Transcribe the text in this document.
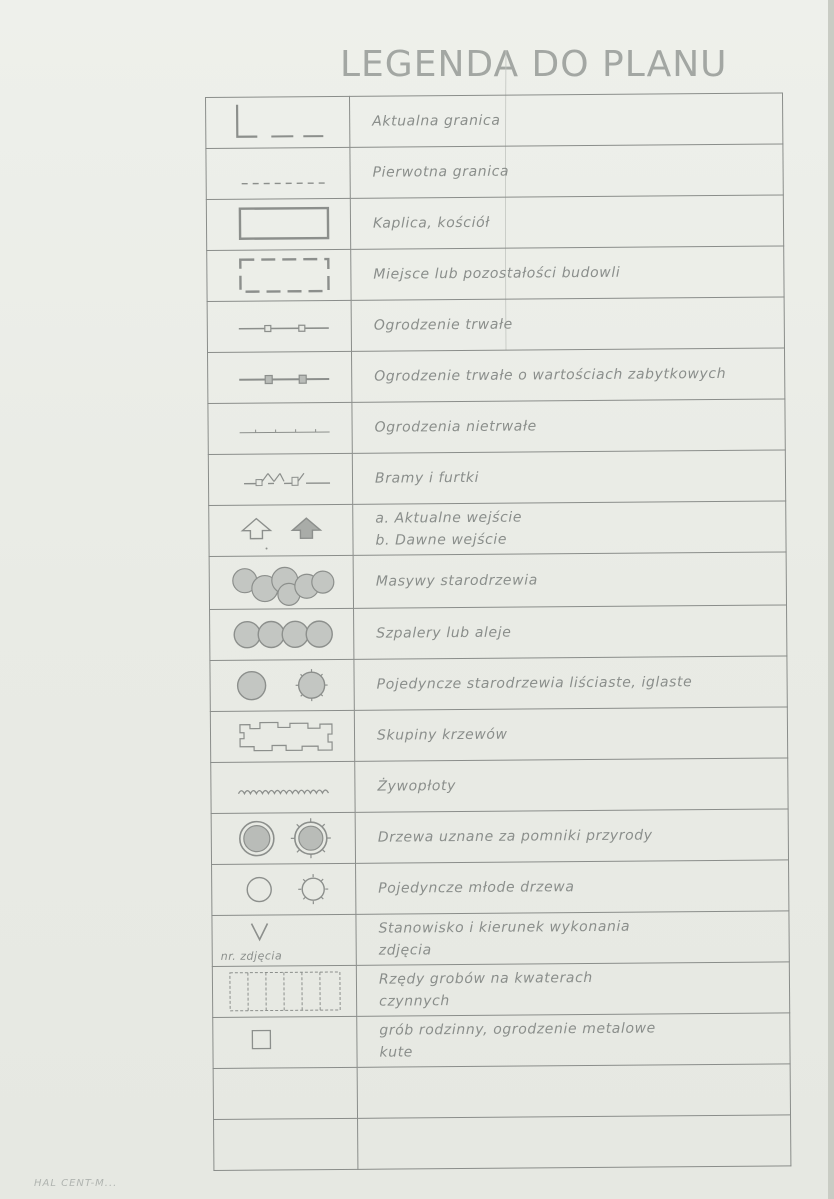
LEGENDA DO PLANU

Aktualna granica

Pierwotna granica

Kaplica, kościół

Miejsce lub pozostałości budowli

Ogrodzenie trwałe

Ogrodzenie trwałe o wartościach zabytkowych

Ogrodzenia nietrwałe

Bramy i furtki

a. Aktualne wejście
b. Dawne wejście

Masywy starodrzewia

Szpalery lub aleje

Pojedyncze starodrzewia liściaste, iglaste

Skupiny krzewów

Żywopłoty

Drzewa uznane za pomniki przyrody

Pojedyncze młode drzewa

nr. zdjęcia	Stanowisko i kierunek wykonania
zdjęcia

Rzędy grobów na kwaterach
czynnych

grób rodzinny, ogrodzenie metalowe
kute

HAL CENT-M...
